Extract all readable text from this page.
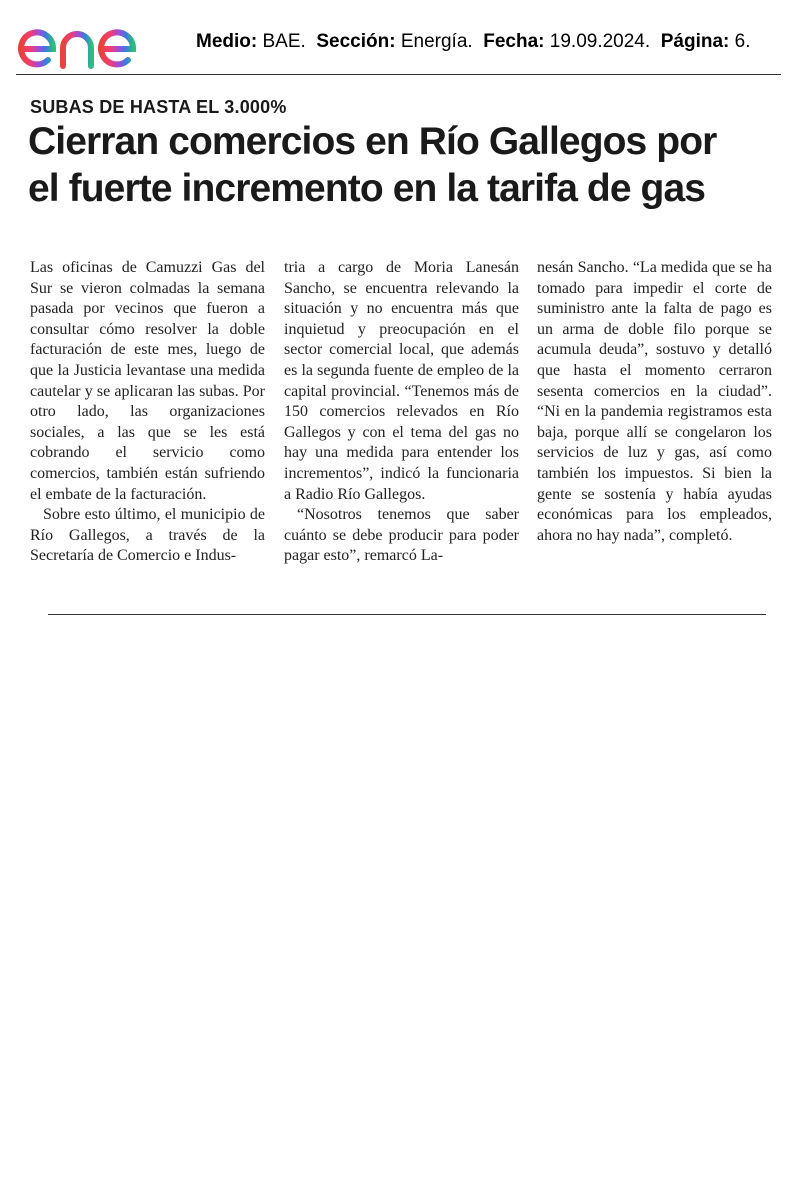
Medio: BAE. Sección: Energía. Fecha: 19.09.2024. Página: 6.
SUBAS DE HASTA EL 3.000%
Cierran comercios en Río Gallegos por
el fuerte incremento en la tarifa de gas

Las oficinas de Camuzzi Gas del Sur se vieron colmadas la semana pasada por vecinos que fueron a consultar cómo resolver la doble facturación de este mes, luego de que la Justicia levantase una medida cautelar y se aplicaran las subas. Por otro lado, las organizaciones sociales, a las que se les está cobrando el servicio como comercios, también están sufriendo el embate de la facturación.

Sobre esto último, el municipio de Río Gallegos, a través de la Secretaría de Comercio e Indus-

tria a cargo de Moria Lanesán Sancho, se encuentra relevando la situación y no encuentra más que inquietud y preocupación en el sector comercial local, que además es la segunda fuente de empleo de la capital provincial. “Tenemos más de 150 comercios relevados en Río Gallegos y con el tema del gas no hay una medida para entender los incrementos”, indicó la funcionaria a Radio Río Gallegos.

“Nosotros tenemos que saber cuánto se debe producir para poder pagar esto”, remarcó La-

nesán Sancho. “La medida que se ha tomado para impedir el corte de suministro ante la falta de pago es un arma de doble filo porque se acumula deuda”, sostuvo y detalló que hasta el momento cerraron sesenta comercios en la ciudad”. “Ni en la pandemia registramos esta baja, porque allí se congelaron los servicios de luz y gas, así como también los impuestos. Si bien la gente se sostenía y había ayudas económicas para los empleados, ahora no hay nada”, completó.
